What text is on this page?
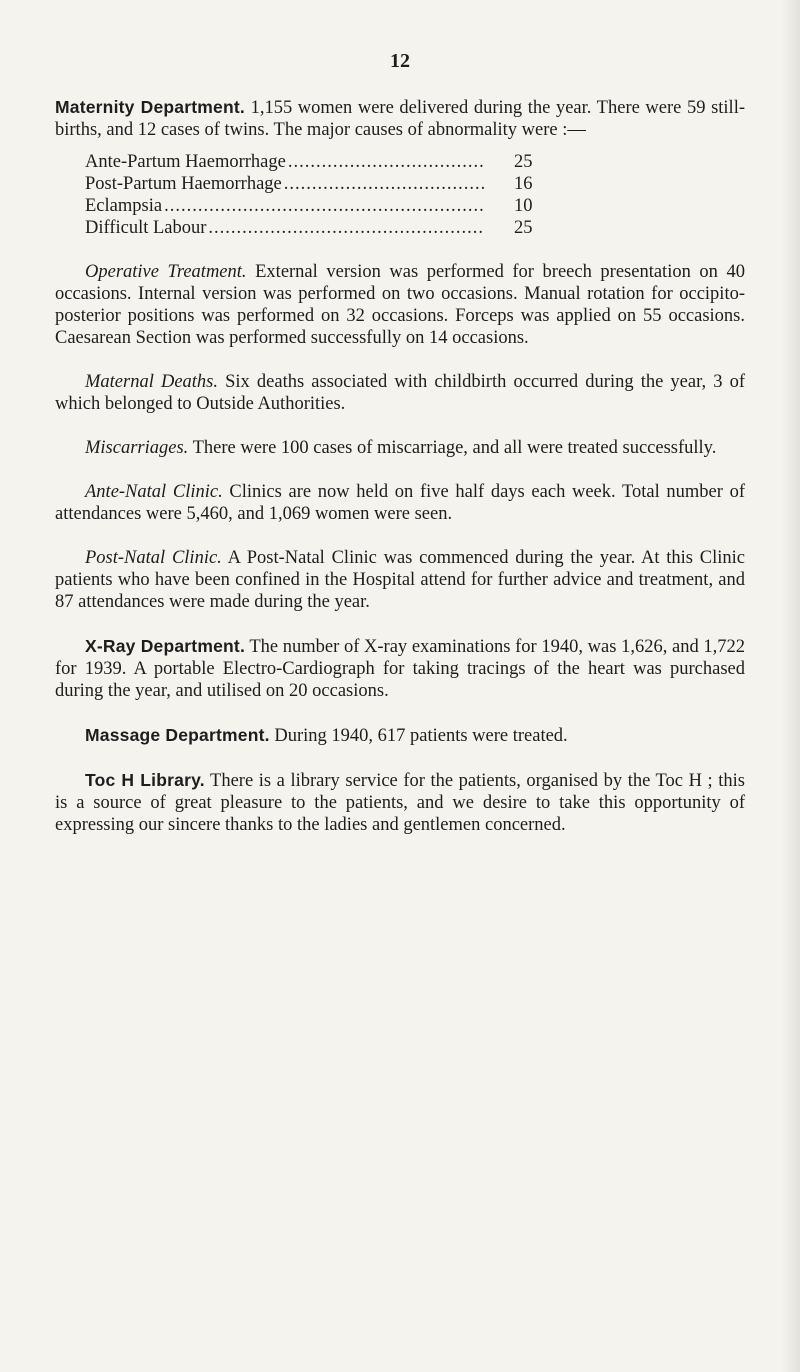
12

Maternity Department. 1,155 women were delivered during the year. There were 59 still-births, and 12 cases of twins. The major causes of abnormality were :—

Ante-Partum Haemorrhage .....	25
Post-Partum Haemorrhage .....	16
Eclampsia .....	10
Difficult Labour .....	25

Operative Treatment. External version was performed for breech presentation on 40 occasions. Internal version was performed on two occasions. Manual rotation for occipito-posterior positions was performed on 32 occasions. Forceps was applied on 55 occasions. Caesarean Section was performed successfully on 14 occasions.

Maternal Deaths. Six deaths associated with childbirth occurred during the year, 3 of which belonged to Outside Authorities.

Miscarriages. There were 100 cases of miscarriage, and all were treated successfully.

Ante-Natal Clinic. Clinics are now held on five half days each week. Total number of attendances were 5,460, and 1,069 women were seen.

Post-Natal Clinic. A Post-Natal Clinic was commenced during the year. At this Clinic patients who have been confined in the Hospital attend for further advice and treatment, and 87 attendances were made during the year.

X-Ray Department. The number of X-ray examinations for 1940, was 1,626, and 1,722 for 1939. A portable Electro-Cardiograph for taking tracings of the heart was purchased during the year, and utilised on 20 occasions.

Massage Department. During 1940, 617 patients were treated.

Toc H Library. There is a library service for the patients, organised by the Toc H ; this is a source of great pleasure to the patients, and we desire to take this opportunity of expressing our sincere thanks to the ladies and gentlemen concerned.
